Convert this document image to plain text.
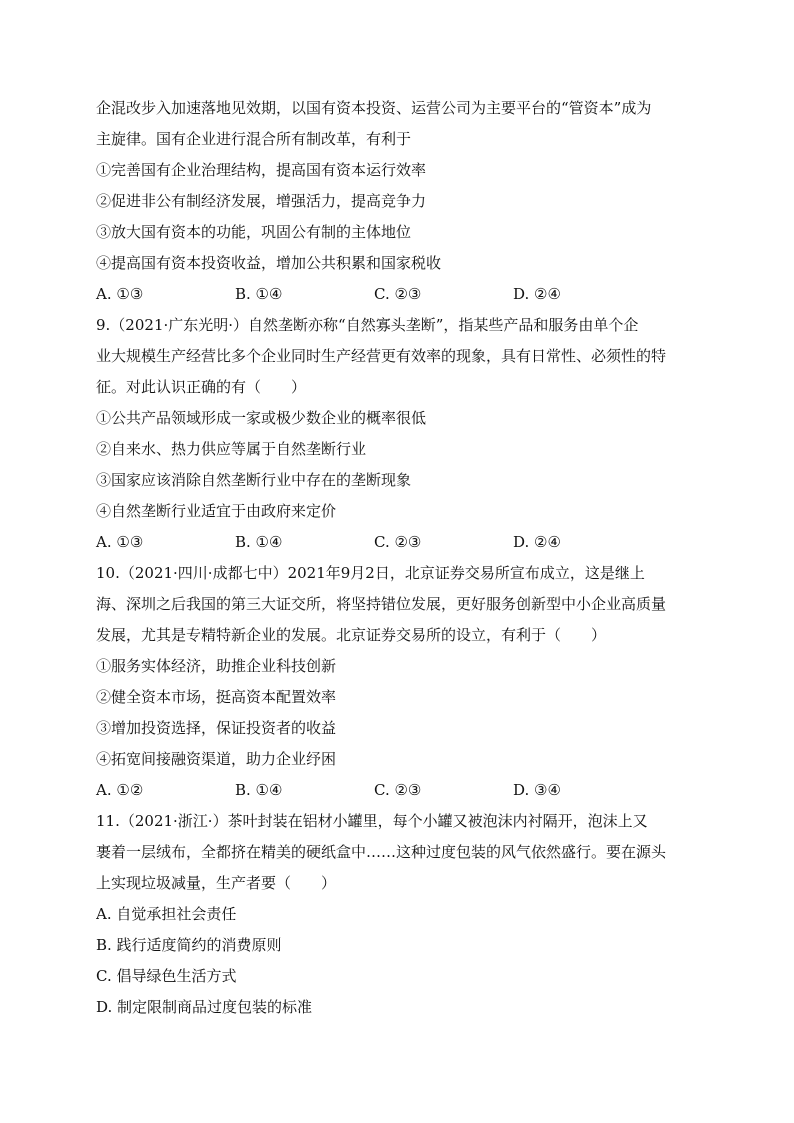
企混改步入加速落地见效期，以国有资本投资、运营公司为主要平台的“管资本”成为
主旋律。国有企业进行混合所有制改革，有利于
①完善国有企业治理结构，提高国有资本运行效率
②促进非公有制经济发展，增强活力，提高竞争力
③放大国有资本的功能，巩固公有制的主体地位
④提高国有资本投资收益，增加公共积累和国家税收
A. ①③	B. ①④	C. ②③	D. ②④
9.（2021·广东光明·）自然垄断亦称“自然寡头垄断”，指某些产品和服务由单个企
业大规模生产经营比多个企业同时生产经营更有效率的现象，具有日常性、必须性的特
征。对此认识正确的有（　　）
①公共产品领域形成一家或极少数企业的概率很低
②自来水、热力供应等属于自然垄断行业
③国家应该消除自然垄断行业中存在的垄断现象
④自然垄断行业适宜于由政府来定价
A. ①③	B. ①④	C. ②③	D. ②④
10.（2021·四川·成都七中）2021年9月2日，北京证券交易所宣布成立，这是继上
海、深圳之后我国的第三大证交所，将坚持错位发展，更好服务创新型中小企业高质量
发展，尤其是专精特新企业的发展。北京证券交易所的设立，有利于（　　）
①服务实体经济，助推企业科技创新
②健全资本市场，挺高资本配置效率
③增加投资选择，保证投资者的收益
④拓宽间接融资渠道，助力企业纾困
A. ①②	B. ①④	C. ②③	D. ③④
11.（2021·浙江·）茶叶封装在铝材小罐里，每个小罐又被泡沫内衬隔开，泡沫上又
裹着一层绒布，全都挤在精美的硬纸盒中……这种过度包装的风气依然盛行。要在源头
上实现垃圾减量，生产者要（　　）
A. 自觉承担社会责任
B. 践行适度简约的消费原则
C. 倡导绿色生活方式
D. 制定限制商品过度包装的标准
